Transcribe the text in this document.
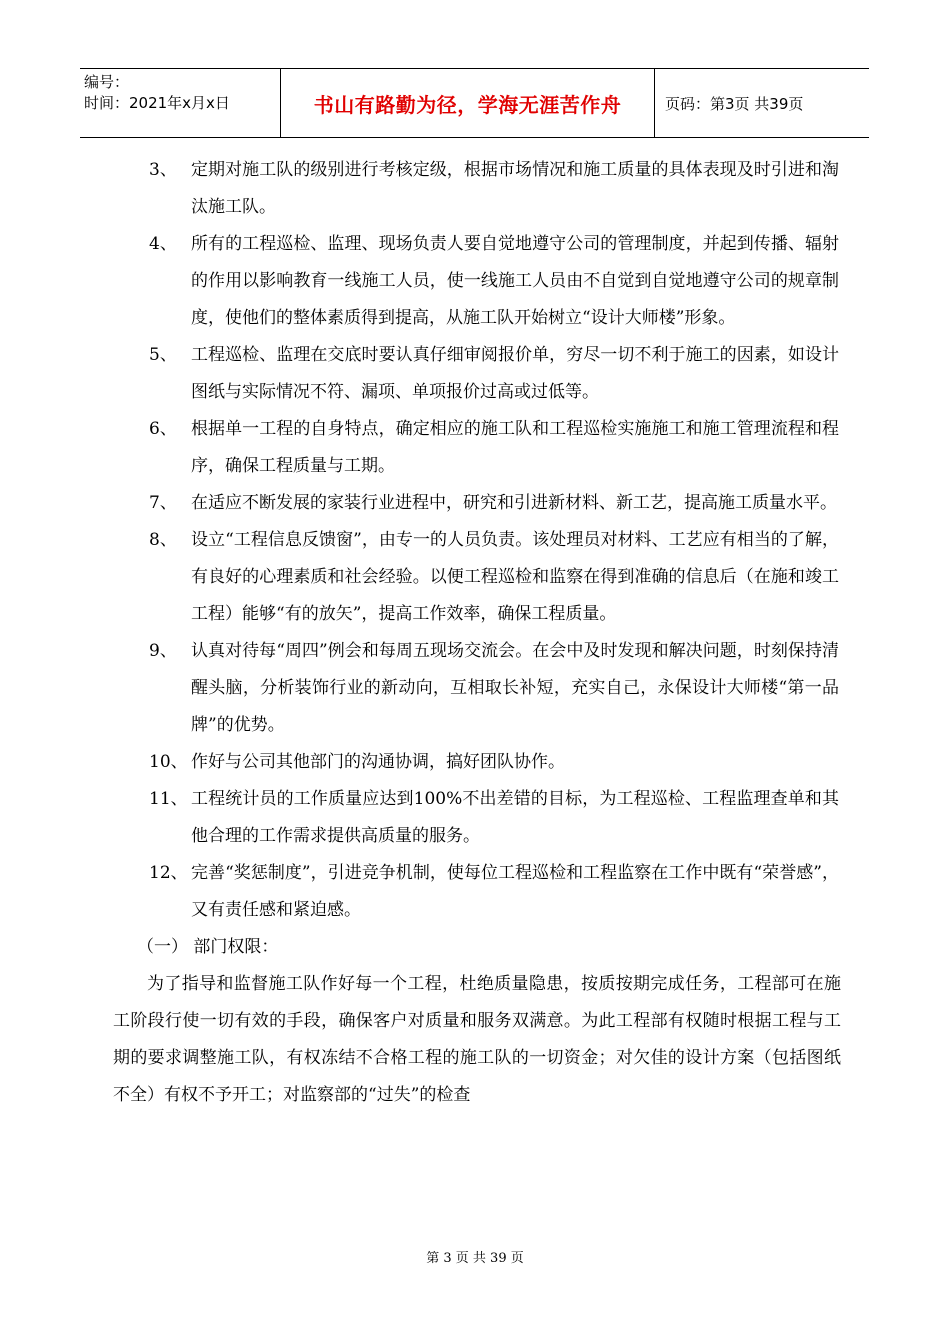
编号：
时间：2021年x月x日	书山有路勤为径，学海无涯苦作舟	页码：第3页 共39页
3、 定期对施工队的级别进行考核定级，根据市场情况和施工质量的具体表现及时引进和淘汰施工队。
4、 所有的工程巡检、监理、现场负责人要自觉地遵守公司的管理制度，并起到传播、辐射的作用以影响教育一线施工人员，使一线施工人员由不自觉到自觉地遵守公司的规章制度，使他们的整体素质得到提高，从施工队开始树立“设计大师楼”形象。
5、 工程巡检、监理在交底时要认真仔细审阅报价单，穷尽一切不利于施工的因素，如设计图纸与实际情况不符、漏项、单项报价过高或过低等。
6、 根据单一工程的自身特点，确定相应的施工队和工程巡检实施施工和施工管理流程和程序，确保工程质量与工期。
7、 在适应不断发展的家装行业进程中，研究和引进新材料、新工艺，提高施工质量水平。
8、 设立“工程信息反馈窗”，由专一的人员负责。该处理员对材料、工艺应有相当的了解，有良好的心理素质和社会经验。以便工程巡检和监察在得到准确的信息后（在施和竣工工程）能够“有的放矢”，提高工作效率，确保工程质量。
9、 认真对待每“周四”例会和每周五现场交流会。在会中及时发现和解决问题，时刻保持清醒头脑，分析装饰行业的新动向，互相取长补短，充实自己，永保设计大师楼“第一品牌”的优势。
10、 作好与公司其他部门的沟通协调，搞好团队协作。
11、 工程统计员的工作质量应达到100%不出差错的目标，为工程巡检、工程监理查单和其他合理的工作需求提供高质量的服务。
12、 完善“奖惩制度”，引进竞争机制，使每位工程巡检和工程监察在工作中既有“荣誉感”，又有责任感和紧迫感。
（一） 部门权限：
为了指导和监督施工队作好每一个工程，杜绝质量隐患，按质按期完成任务，工程部可在施工阶段行使一切有效的手段，确保客户对质量和服务双满意。为此工程部有权随时根据工程与工期的要求调整施工队，有权冻结不合格工程的施工队的一切资金；对欠佳的设计方案（包括图纸不全）有权不予开工；对监察部的“过失”的检查
第 3 页 共 39 页
